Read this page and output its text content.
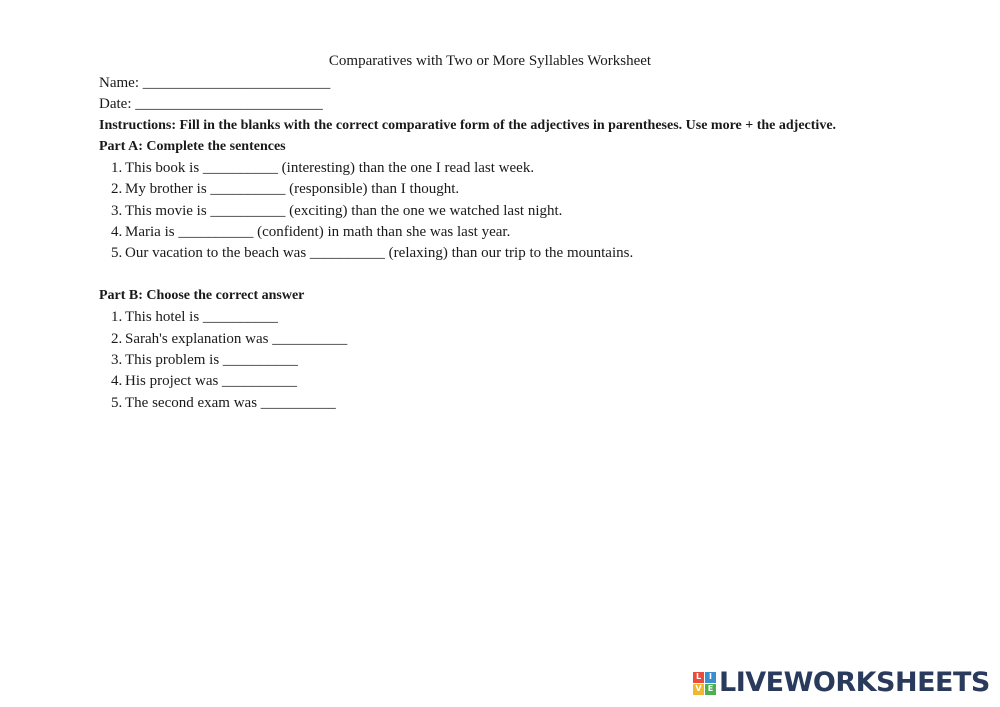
Comparatives with Two or More Syllables Worksheet
Name: _________________________
Date: _________________________
Instructions: Fill in the blanks with the correct comparative form of the adjectives in parentheses. Use more + the adjective.
Part A: Complete the sentences
1. This book is __________ (interesting) than the one I read last week.
2. My brother is __________ (responsible) than I thought.
3. This movie is __________ (exciting) than the one we watched last night.
4. Maria is __________ (confident) in math than she was last year.
5. Our vacation to the beach was __________ (relaxing) than our trip to the mountains.
Part B: Choose the correct answer
1. This hotel is __________
2. Sarah's explanation was __________
3. This problem is __________
4. His project was __________
5. The second exam was __________
L I
V E LIVEWORKSHEETS
